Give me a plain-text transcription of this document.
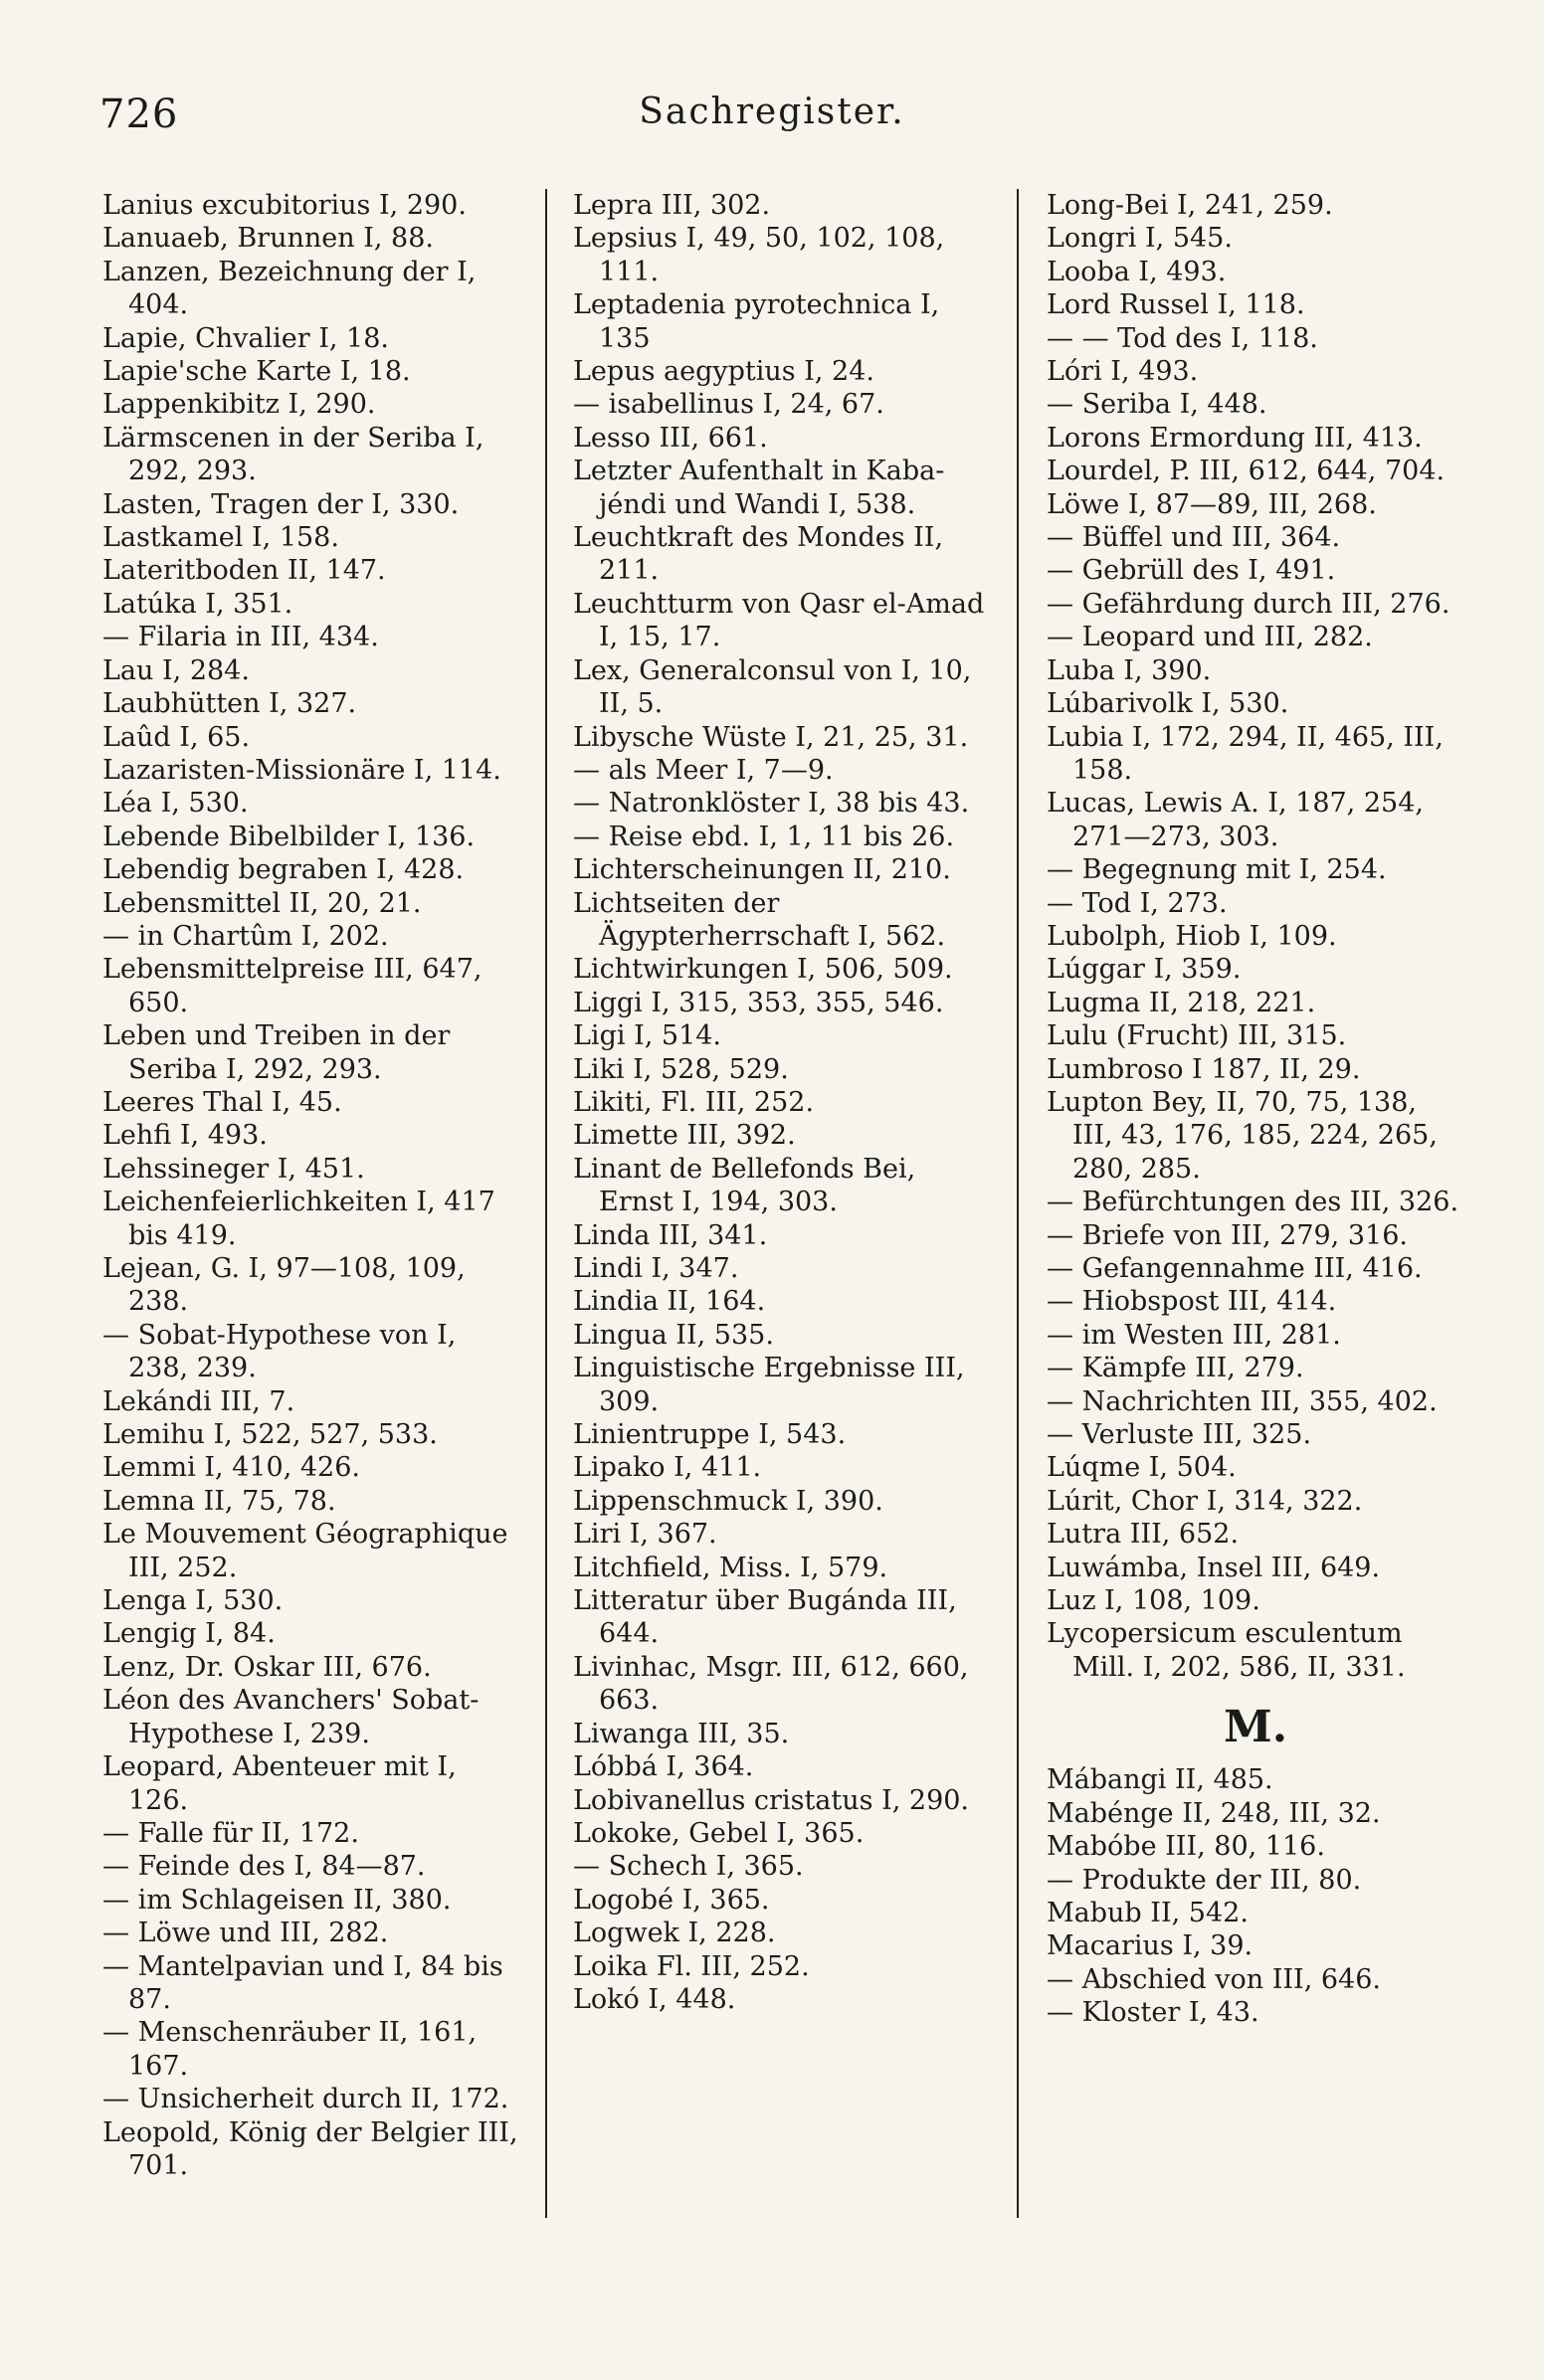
726	Sachregister.
Lanius excubitorius I, 290.
Lanuaeb, Brunnen I, 88.
Lanzen, Bezeichnung der I, 404.
Lapie, Chvalier I, 18.
Lapie'sche Karte I, 18.
Lappenkibitz I, 290.
Lärmscenen in der Seriba I, 292, 293.
Lasten, Tragen der I, 330.
Lastkamel I, 158.
Lateritboden II, 147.
Latúka I, 351.
— Filaria in III, 434.
Lau I, 284.
Laubhütten I, 327.
Laûd I, 65.
Lazaristen-Missionäre I, 114.
Léa I, 530.
Lebende Bibelbilder I, 136.
Lebendig begraben I, 428.
Lebensmittel II, 20, 21.
— in Chartûm I, 202.
Lebensmittelpreise III, 647, 650.
Leben und Treiben in der Seriba I, 292, 293.
Leeres Thal I, 45.
Lehfi I, 493.
Lehssineger I, 451.
Leichenfeierlichkeiten I, 417 bis 419.
Lejean, G. I, 97—108, 109, 238.
— Sobat-Hypothese von I, 238, 239.
Lekándi III, 7.
Lemihu I, 522, 527, 533.
Lemmi I, 410, 426.
Lemna II, 75, 78.
Le Mouvement Géographique III, 252.
Lenga I, 530.
Lengig I, 84.
Lenz, Dr. Oskar III, 676.
Léon des Avanchers' Sobat-Hypothese I, 239.
Leopard, Abenteuer mit I, 126.
— Falle für II, 172.
— Feinde des I, 84—87.
— im Schlageisen II, 380.
— Löwe und III, 282.
— Mantelpavian und I, 84 bis 87.
— Menschenräuber II, 161, 167.
— Unsicherheit durch II, 172.
Leopold, König der Belgier III, 701.
Lepra III, 302.
Lepsius I, 49, 50, 102, 108, 111.
Leptadenia pyrotechnica I, 135
Lepus aegyptius I, 24.
— isabellinus I, 24, 67.
Lesso III, 661.
Letzter Aufenthalt in Kaba-jéndi und Wandi I, 538.
Leuchtkraft des Mondes II, 211.
Leuchtturm von Qasr el-Amad I, 15, 17.
Lex, Generalconsul von I, 10, II, 5.
Libysche Wüste I, 21, 25, 31.
— als Meer I, 7—9.
— Natronklöster I, 38 bis 43.
— Reise ebd. I, 1, 11 bis 26.
Lichterscheinungen II, 210.
Lichtseiten der Ägypterherrschaft I, 562.
Lichtwirkungen I, 506, 509.
Liggi I, 315, 353, 355, 546.
Ligi I, 514.
Liki I, 528, 529.
Likiti, Fl. III, 252.
Limette III, 392.
Linant de Bellefonds Bei, Ernst I, 194, 303.
Linda III, 341.
Lindi I, 347.
Lindia II, 164.
Lingua II, 535.
Linguistische Ergebnisse III, 309.
Linientruppe I, 543.
Lipako I, 411.
Lippenschmuck I, 390.
Liri I, 367.
Litchfield, Miss. I, 579.
Litteratur über Bugánda III, 644.
Livinhac, Msgr. III, 612, 660, 663.
Liwanga III, 35.
Lóbbá I, 364.
Lobivanellus cristatus I, 290.
Lokoke, Gebel I, 365.
— Schech I, 365.
Logobé I, 365.
Logwek I, 228.
Loika Fl. III, 252.
Lokó I, 448.
Long-Bei I, 241, 259.
Longri I, 545.
Looba I, 493.
Lord Russel I, 118.
— — Tod des I, 118.
Lóri I, 493.
— Seriba I, 448.
Lorons Ermordung III, 413.
Lourdel, P. III, 612, 644, 704.
Löwe I, 87—89, III, 268.
— Büffel und III, 364.
— Gebrüll des I, 491.
— Gefährdung durch III, 276.
— Leopard und III, 282.
Luba I, 390.
Lúbarivolk I, 530.
Lubia I, 172, 294, II, 465, III, 158.
Lucas, Lewis A. I, 187, 254, 271—273, 303.
— Begegnung mit I, 254.
— Tod I, 273.
Lubolph, Hiob I, 109.
Lúggar I, 359.
Lugma II, 218, 221.
Lulu (Frucht) III, 315.
Lumbroso I 187, II, 29.
Lupton Bey, II, 70, 75, 138, III, 43, 176, 185, 224, 265, 280, 285.
— Befürchtungen des III, 326.
— Briefe von III, 279, 316.
— Gefangennahme III, 416.
— Hiobspost III, 414.
— im Westen III, 281.
— Kämpfe III, 279.
— Nachrichten III, 355, 402.
— Verluste III, 325.
Lúqme I, 504.
Lúrit, Chor I, 314, 322.
Lutra III, 652.
Luwámba, Insel III, 649.
Luz I, 108, 109.
Lycopersicum esculentum Mill. I, 202, 586, II, 331.
M.
Mábangi II, 485.
Mabénge II, 248, III, 32.
Mabóbe III, 80, 116.
— Produkte der III, 80.
Mabub II, 542.
Macarius I, 39.
— Abschied von III, 646.
— Kloster I, 43.
